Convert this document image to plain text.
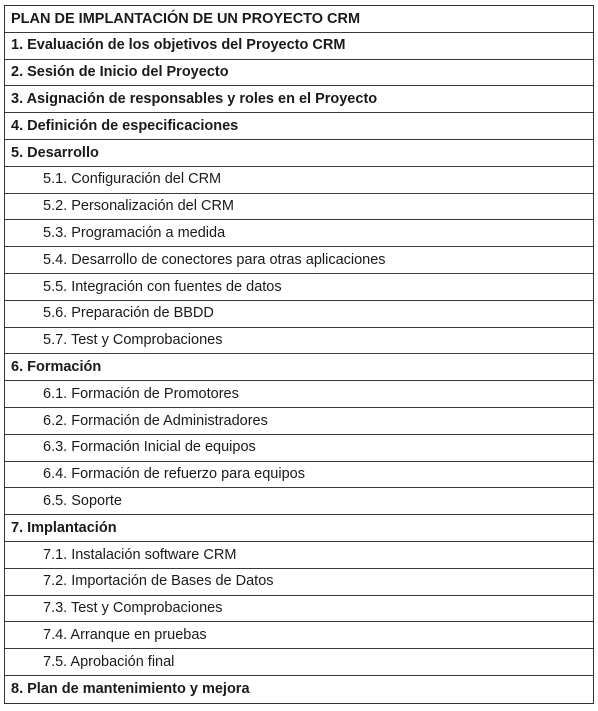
PLAN DE IMPLANTACIÓN DE UN PROYECTO CRM
1. Evaluación de los objetivos del Proyecto CRM
2. Sesión de Inicio del Proyecto
3. Asignación de responsables y roles en el Proyecto
4. Definición de especificaciones
5. Desarrollo
5.1. Configuración del CRM
5.2. Personalización del CRM
5.3. Programación a medida
5.4. Desarrollo de conectores para otras aplicaciones
5.5. Integración con fuentes de datos
5.6. Preparación de BBDD
5.7. Test y Comprobaciones
6. Formación
6.1. Formación de Promotores
6.2. Formación de Administradores
6.3. Formación Inicial de equipos
6.4. Formación de refuerzo para equipos
6.5. Soporte
7. Implantación
7.1. Instalación software CRM
7.2. Importación de Bases de Datos
7.3. Test y Comprobaciones
7.4. Arranque en pruebas
7.5. Aprobación final
8. Plan de mantenimiento y mejora
